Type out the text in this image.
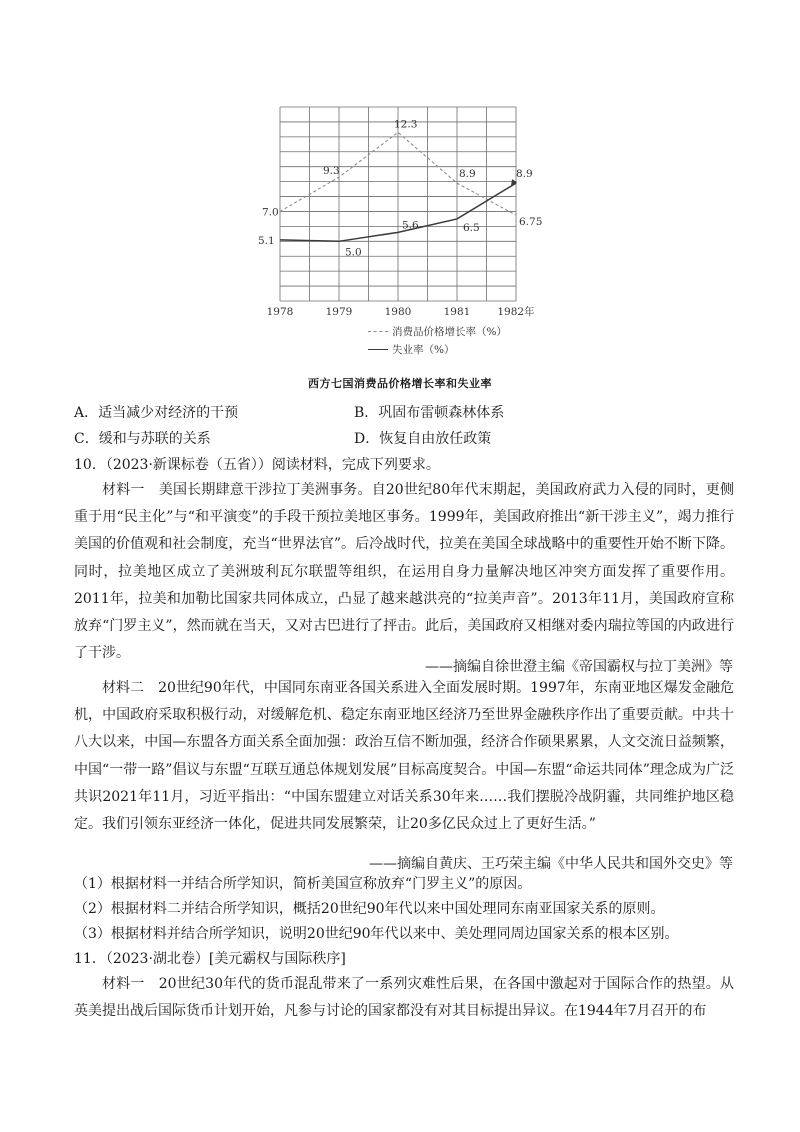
1978	1979	1980	1981	1982年
7.0
9.3
12.3
8.9
6.75
5.1
5.0
5.6	6.5
8.9
消费品价格增长率（%）
失业率（%）
西方七国消费品价格增长率和失业率
A．适当减少对经济的干预	B．巩固布雷顿森林体系
C．缓和与苏联的关系	D．恢复自由放任政策
10．（2023·新课标卷（五省））阅读材料，完成下列要求。
材料一　美国长期肆意干涉拉丁美洲事务。自20世纪80年代末期起，美国政府武力入侵的同时，更侧重于用“民主化”与“和平演变”的手段干预拉美地区事务。1999年，美国政府推出“新干涉主义”，竭力推行美国的价值观和社会制度，充当“世界法官”。后冷战时代，拉美在美国全球战略中的重要性开始不断下降。同时，拉美地区成立了美洲玻利瓦尔联盟等组织，在运用自身力量解决地区冲突方面发挥了重要作用。2011年，拉美和加勒比国家共同体成立，凸显了越来越洪亮的“拉美声音”。2013年11月，美国政府宣称放弃“门罗主义”，然而就在当天，又对古巴进行了抨击。此后，美国政府又相继对委内瑞拉等国的内政进行了干涉。
——摘编自徐世澄主编《帝国霸权与拉丁美洲》等
材料二　20世纪90年代，中国同东南亚各国关系进入全面发展时期。1997年，东南亚地区爆发金融危机，中国政府采取积极行动，对缓解危机、稳定东南亚地区经济乃至世界金融秩序作出了重要贡献。中共十八大以来，中国—东盟各方面关系全面加强：政治互信不断加强，经济合作硕果累累，人文交流日益频繁，中国“一带一路”倡议与东盟“互联互通总体规划发展”目标高度契合。中国—东盟“命运共同体”理念成为广泛共识2021年11月，习近平指出：“中国东盟建立对话关系30年来……我们摆脱冷战阴霾，共同维护地区稳定。我们引领东亚经济一体化，促进共同发展繁荣，让20多亿民众过上了更好生活。”
——摘编自黄庆、王巧荣主编《中华人民共和国外交史》等
（1）根据材料一并结合所学知识，简析美国宣称放弃“门罗主义”的原因。
（2）根据材料二并结合所学知识，概括20世纪90年代以来中国处理同东南亚国家关系的原则。
（3）根据材料并结合所学知识，说明20世纪90年代以来中、美处理同周边国家关系的根本区别。
11．（2023·湖北卷）[美元霸权与国际秩序]
材料一　20世纪30年代的货币混乱带来了一系列灾难性后果，在各国中激起对于国际合作的热望。从英美提出战后国际货币计划开始，凡参与讨论的国家都没有对其目标提出异议。在1944年7月召开的布
